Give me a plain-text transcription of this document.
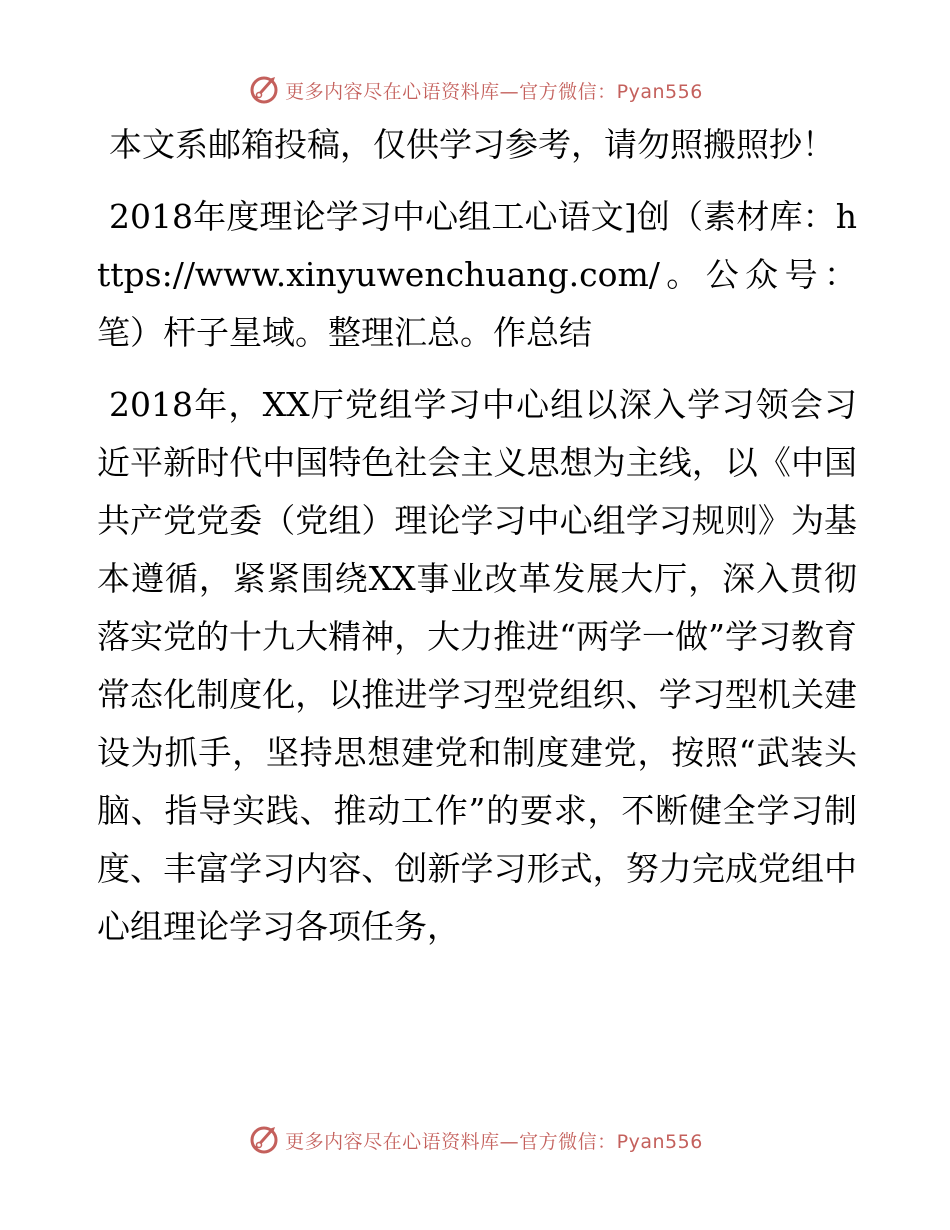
更多内容尽在心语资料库—官方微信：Pyan556

本文系邮箱投稿，仅供学习参考，请勿照搬照抄！

2018年度理论学习中心组工心语文]创（素材库：https://www.xinyuwenchuang.com/。公众号：笔）杆子星域。整理汇总。作总结

2018年，XX厅党组学习中心组以深入学习领会习近平新时代中国特色社会主义思想为主线，以《中国共产党党委（党组）理论学习中心组学习规则》为基本遵循，紧紧围绕XX事业改革发展大厅，深入贯彻落实党的十九大精神，大力推进“两学一做”学习教育常态化制度化，以推进学习型党组织、学习型机关建设为抓手，坚持思想建党和制度建党，按照“武装头脑、指导实践、推动工作”的要求，不断健全学习制度、丰富学习内容、创新学习形式，努力完成党组中心组理论学习各项任务，

更多内容尽在心语资料库—官方微信：Pyan556
